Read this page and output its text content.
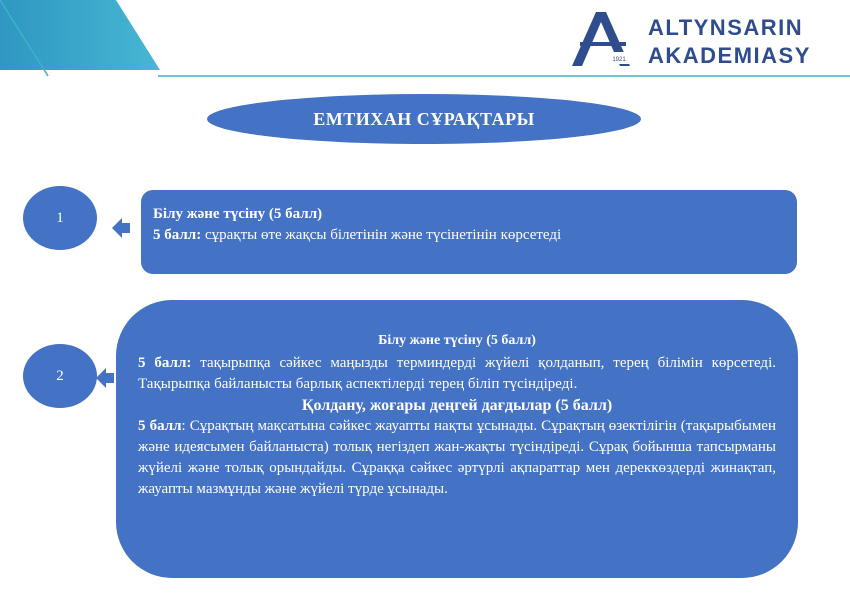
1921
ALTYNSARIN
AKADEMIASY
ЕМТИХАН СҰРАҚТАРЫ
1	Білу және түсіну (5 балл)
5 балл: сұрақты өте жақсы білетінін және түсінетінін көрсетеді
2
Білу және түсіну (5 балл)

5 балл: тақырыпқа сәйкес маңызды терминдерді жүйелі қолданып, терең білімін көрсетеді. Тақырыпқа байланысты барлық аспектілерді терең біліп түсіндіреді.

Қолдану, жоғары деңгей дағдылар (5 балл)

5 балл: Сұрақтың мақсатына сәйкес жауапты нақты ұсынады. Сұрақтың өзектілігін (тақырыбымен және идеясымен байланыста) толық негіздеп жан-жақты түсіндіреді. Сұрақ бойынша тапсырманы жүйелі және толық орындайды. Сұраққа сәйкес әртүрлі ақпараттар мен дереккөздерді жинақтап, жауапты мазмұнды және жүйелі түрде ұсынады.
